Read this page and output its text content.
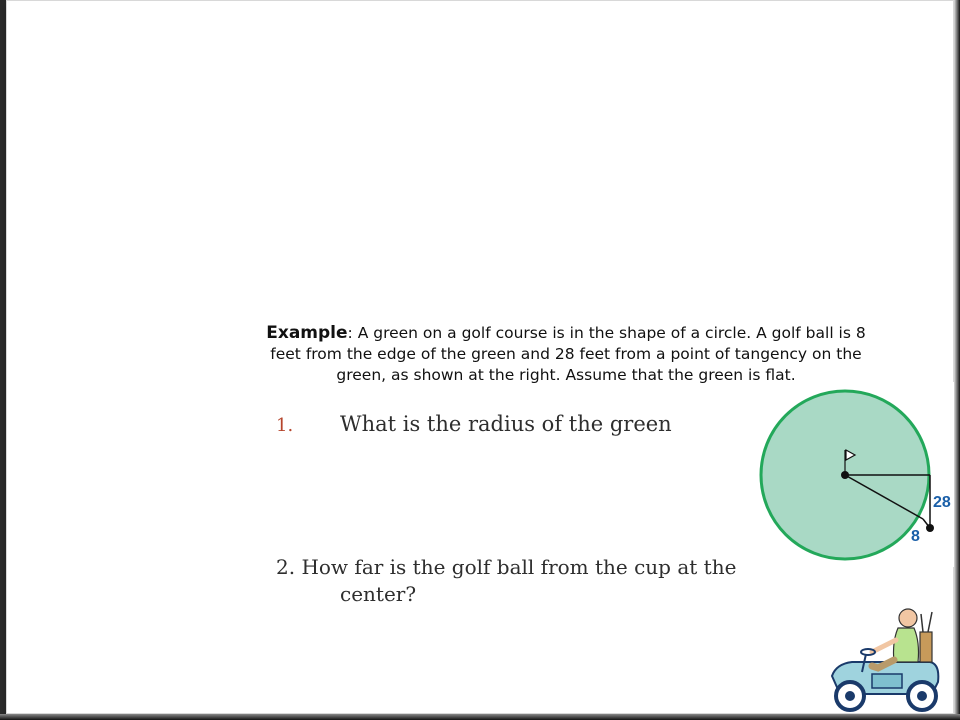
Example: A green on a golf course is in the shape of a circle. A golf ball is 8 feet from the edge of the green and 28 feet from a point of tangency on the green, as shown at the right. Assume that the green is flat.
1. What is the radius of the green
2. How far is the golf ball from the cup at the
center?
28
8
